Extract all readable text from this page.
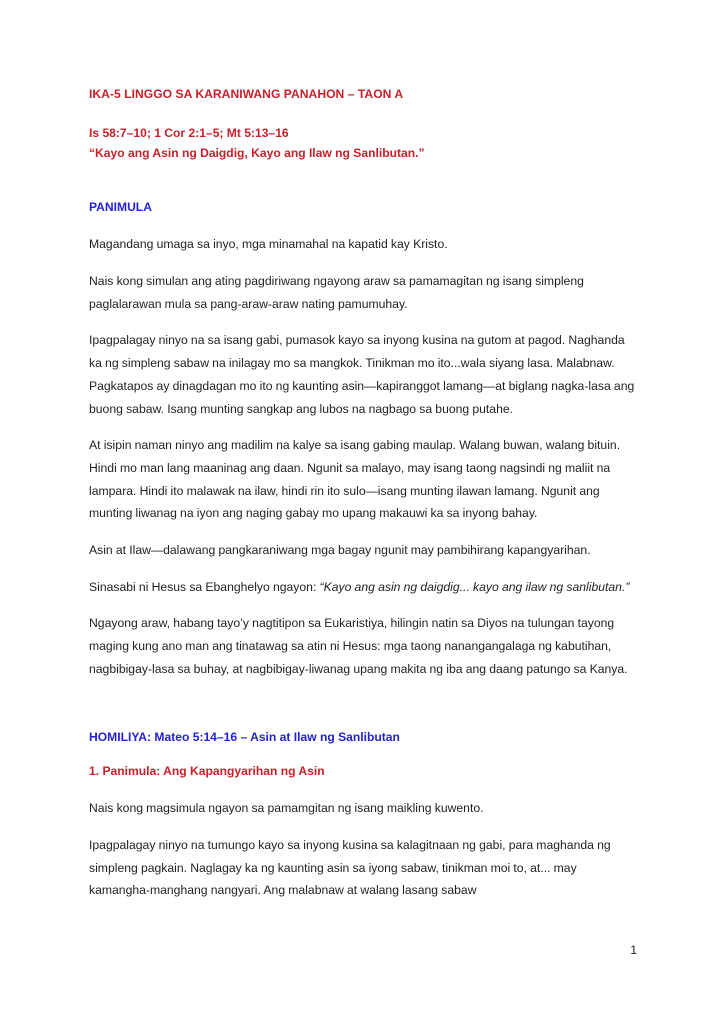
IKA-5 LINGGO SA KARANIWANG PANAHON – TAON A

Is 58:7–10; 1 Cor 2:1–5; Mt 5:13–16

“Kayo ang Asin ng Daigdig, Kayo ang Ilaw ng Sanlibutan.”

PANIMULA

Magandang umaga sa inyo, mga minamahal na kapatid kay Kristo.

Nais kong simulan ang ating pagdiriwang ngayong araw sa pamamagitan ng isang simpleng paglalarawan mula sa pang-araw-araw nating pamumuhay.

Ipagpalagay ninyo na sa isang gabi, pumasok kayo sa inyong kusina na gutom at pagod. Naghanda ka ng simpleng sabaw na inilagay mo sa mangkok. Tinikman mo ito...wala siyang lasa. Malabnaw. Pagkatapos ay dinagdagan mo ito ng kaunting asin—kapiranggot lamang—at biglang nagka-lasa ang buong sabaw. Isang munting sangkap ang lubos na nagbago sa buong putahe.

At isipin naman ninyo ang madilim na kalye sa isang gabing maulap. Walang buwan, walang bituin. Hindi mo man lang maaninag ang daan. Ngunit sa malayo, may isang taong nagsindi ng maliit na lampara. Hindi ito malawak na ilaw, hindi rin ito sulo—isang munting ilawan lamang. Ngunit ang munting liwanag na iyon ang naging gabay mo upang makauwi ka sa inyong bahay.

Asin at Ilaw—dalawang pangkaraniwang mga bagay ngunit may pambihirang kapangyarihan.

Sinasabi ni Hesus sa Ebanghelyo ngayon: “Kayo ang asin ng daigdig... kayo ang ilaw ng sanlibutan.”

Ngayong araw, habang tayo’y nagtitipon sa Eukaristiya, hilingin natin sa Diyos na tulungan tayong maging kung ano man ang tinatawag sa atin ni Hesus: mga taong nanangangalaga ng kabutihan, nagbibigay-lasa sa buhay, at nagbibigay-liwanag upang makita ng iba ang daang patungo sa Kanya.

HOMILIYA: Mateo 5:14–16 – Asin at Ilaw ng Sanlibutan
1. Panimula: Ang Kapangyarihan ng Asin

Nais kong magsimula ngayon sa pamamgitan ng isang maikling kuwento.

Ipagpalagay ninyo na tumungo kayo sa inyong kusina sa kalagitnaan ng gabi, para maghanda ng simpleng pagkain. Naglagay ka ng kaunting asin sa iyong sabaw, tinikman moi to, at... may kamangha-manghang nangyari. Ang malabnaw at walang lasang sabaw

1
